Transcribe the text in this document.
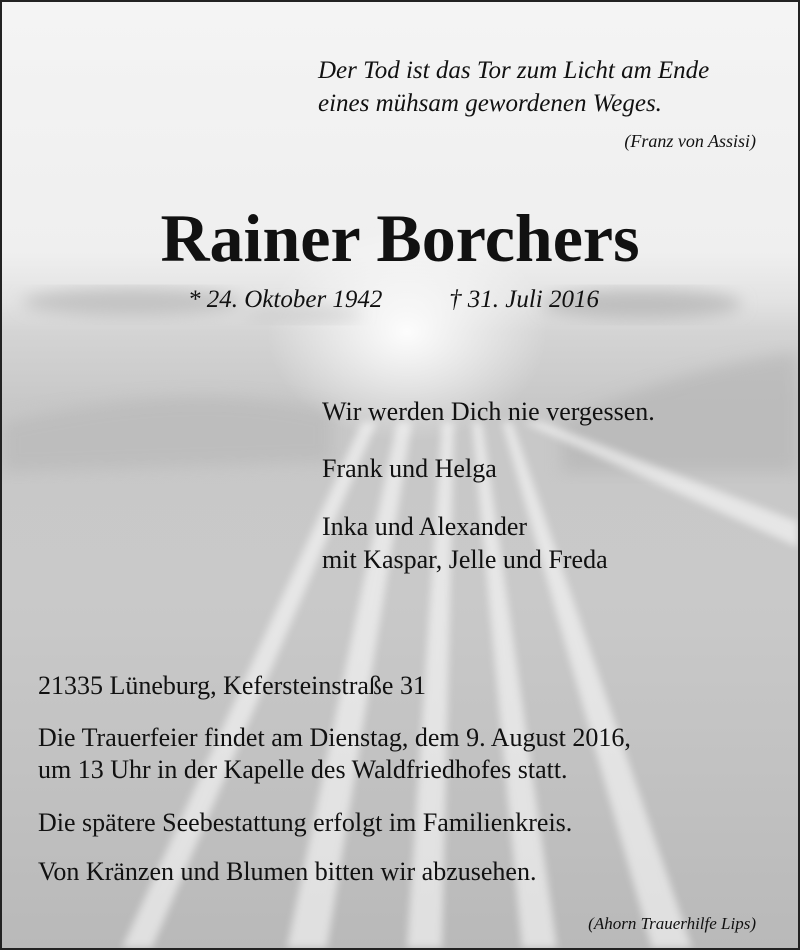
Der Tod ist das Tor zum Licht am Ende
eines mühsam gewordenen Weges.

(Franz von Assisi)

Rainer Borchers

* 24. Oktober 1942	† 31. Juli 2016

Wir werden Dich nie vergessen.

Frank und Helga

Inka und Alexander
mit Kaspar, Jelle und Freda

21335 Lüneburg, Kefersteinstraße 31

Die Trauerfeier findet am Dienstag, dem 9. August 2016,
um 13 Uhr in der Kapelle des Waldfriedhofes statt.

Die spätere Seebestattung erfolgt im Familienkreis.

Von Kränzen und Blumen bitten wir abzusehen.

(Ahorn Trauerhilfe Lips)
